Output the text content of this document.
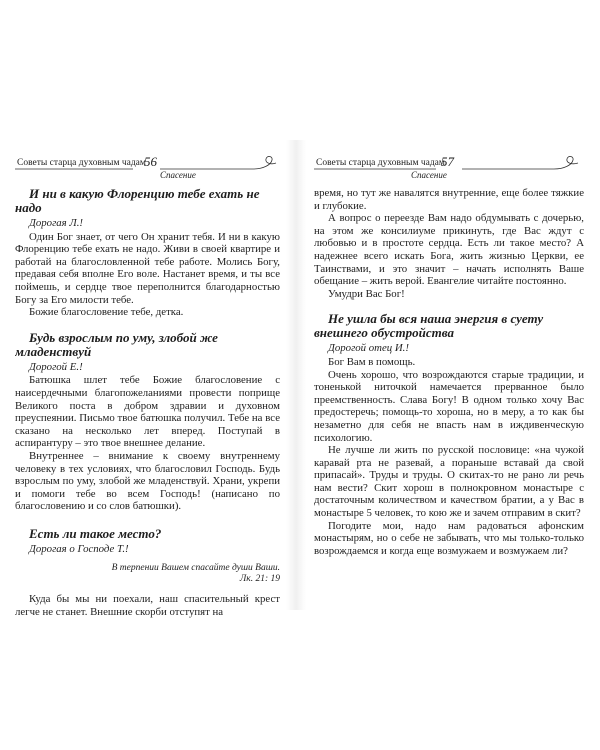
Советы старца духовным чадам
56
Спасение

И ни в какую Флоренцию тебе ехать не надо

Дорогая Л.!

Один Бог знает, от чего Он хранит тебя. И ни в какую Флоренцию тебе ехать не надо. Живи в своей квартире и работай на благословленной тебе работе. Молись Богу, предавая себя вполне Его воле. Настанет время, и ты все поймешь, и сердце твое переполнится благодарностью Богу за Его милости тебе.

Божие благословение тебе, детка.

Будь взрослым по уму, злобой же младенствуй

Дорогой Е.!

Батюшка шлет тебе Божие благословение с наисердечными благопожеланиями провести поприще Великого поста в добром здравии и духовном преуспеянии. Письмо твое батюшка получил. Тебе на все сказано на несколько лет вперед. Поступай в аспирантуру – это твое внешнее делание.

Внутреннее – внимание к своему внутреннему человеку в тех условиях, что благословил Господь. Будь взрослым по уму, злобой же младенствуй. Храни, укрепи и помоги тебе во всем Господь! (написано по благословению и со слов батюшки).

Есть ли такое место?

Дорогая о Господе Т.!

В терпении Вашем спасайте души Ваши.
Лк. 21: 19

Куда бы мы ни поехали, наш спасительный крест легче не станет. Внешние скорби отступят на

Советы старца духовным чадам
57
Спасение

время, но тут же навалятся внутренние, еще более тяжкие и глубокие.

А вопрос о переезде Вам надо обдумывать с дочерью, на этом же консилиуме прикинуть, где Вас ждут с любовью и в простоте сердца. Есть ли такое место? А надежнее всего искать Бога, жить жизнью Церкви, ее Таинствами, и это значит – начать исполнять Ваше обещание – жить верой. Евангелие читайте постоянно.

Умудри Вас Бог!

Не ушла бы вся наша энергия в суету внешнего обустройства

Дорогой отец И.!

Бог Вам в помощь.

Очень хорошо, что возрождаются старые традиции, и тоненькой ниточкой намечается прерванное было преемственность. Слава Богу! В одном только хочу Вас предостеречь; помощь-то хороша, но в меру, а то как бы незаметно для себя не впасть нам в иждивенческую психологию.

Не лучше ли жить по русской пословице: «на чужой каравай рта не разевай, а пораньше вставай да свой припасай». Труды и труды. О скитах-то не рано ли речь нам вести? Скит хорош в полнокровном монастыре с достаточным количеством и качеством братии, а у Вас в монастыре 5 человек, то кою же и зачем отправим в скит?

Погодите мои, надо нам радоваться афонским монастырям, но о себе не забывать, что мы только-только возрождаемся и когда еще возмужаем и возмужаем ли?
